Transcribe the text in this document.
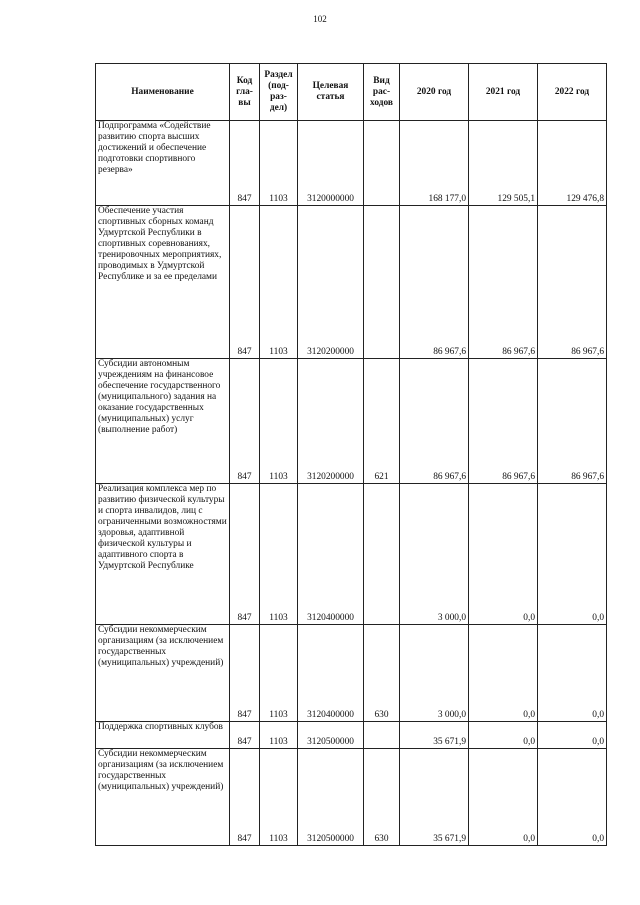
102
Наименование	Код гла- вы	Раздел (под- раз- дел)	Целевая статья	Вид рас- ходов	2020 год	2021 год	2022 год
Подпрограмма «Содействие развитию спорта высших достижений и обеспечение подготовки спортивного резерва»	847	1103	3120000000		168 177,0	129 505,1	129 476,8
Обеспечение участия спортивных сборных команд Удмуртской Республики в спортивных соревнованиях, тренировочных мероприятиях, проводимых в Удмуртской Республике и за ее пределами	847	1103	3120200000		86 967,6	86 967,6	86 967,6
Субсидии автономным учреждениям на финансовое обеспечение государственного (муниципального) задания на оказание государственных (муниципальных) услуг (выполнение работ)	847	1103	3120200000	621	86 967,6	86 967,6	86 967,6
Реализация комплекса мер по развитию физической культуры и спорта инвалидов, лиц с ограниченными возможностями здоровья, адаптивной физической культуры и адаптивного спорта в Удмуртской Республике	847	1103	3120400000		3 000,0	0,0	0,0
Субсидии некоммерческим организациям (за исключением государственных (муниципальных) учреждений)	847	1103	3120400000	630	3 000,0	0,0	0,0
Поддержка спортивных клубов	847	1103	3120500000		35 671,9	0,0	0,0
Субсидии некоммерческим организациям (за исключением государственных (муниципальных) учреждений)	847	1103	3120500000	630	35 671,9	0,0	0,0
